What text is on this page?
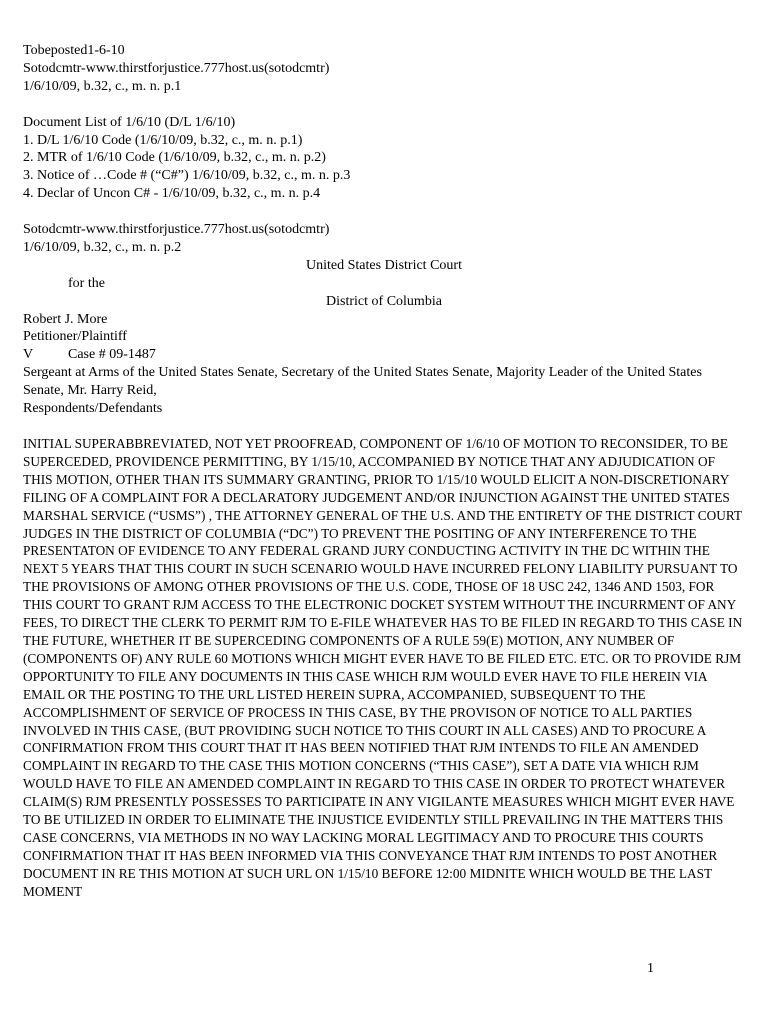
Tobeposted1-6-10
Sotodcmtr-www.thirstforjustice.777host.us(sotodcmtr)
1/6/10/09, b.32, c., m. n. p.1
Document List of 1/6/10 (D/L 1/6/10)
1. D/L 1/6/10 Code (1/6/10/09, b.32, c., m. n. p.1)
2. MTR of 1/6/10 Code (1/6/10/09, b.32, c., m. n. p.2)
3. Notice of …Code # (“C#”) 1/6/10/09, b.32, c., m. n. p.3
4. Declar of Uncon C# - 1/6/10/09, b.32, c., m. n. p.4
Sotodcmtr-www.thirstforjustice.777host.us(sotodcmtr)
1/6/10/09, b.32, c., m. n. p.2
United States District Court
for the
District of Columbia
Robert J. More
Petitioner/Plaintiff
V Case # 09-1487
Sergeant at Arms of the United States Senate, Secretary of the United States Senate, Majority Leader of the United States Senate, Mr. Harry Reid,
Respondents/Defendants
INITIAL SUPERABBREVIATED, NOT YET PROOFREAD, COMPONENT OF 1/6/10 OF MOTION TO RECONSIDER, TO BE SUPERCEDED, PROVIDENCE PERMITTING, BY 1/15/10, ACCOMPANIED BY NOTICE THAT ANY ADJUDICATION OF THIS MOTION, OTHER THAN ITS SUMMARY GRANTING, PRIOR TO 1/15/10 WOULD ELICIT A NON-DISCRETIONARY FILING OF A COMPLAINT FOR A DECLARATORY JUDGEMENT AND/OR INJUNCTION AGAINST THE UNITED STATES MARSHAL SERVICE (“USMS”) , THE ATTORNEY GENERAL OF THE U.S. AND THE ENTIRETY OF THE DISTRICT COURT JUDGES IN THE DISTRICT OF COLUMBIA (“DC”) TO PREVENT THE POSITING OF ANY INTERFERENCE TO THE PRESENTATON OF EVIDENCE TO ANY FEDERAL GRAND JURY CONDUCTING ACTIVITY IN THE DC WITHIN THE NEXT 5 YEARS THAT THIS COURT IN SUCH SCENARIO WOULD HAVE INCURRED FELONY LIABILITY PURSUANT TO THE PROVISIONS OF AMONG OTHER PROVISIONS OF THE U.S. CODE, THOSE OF 18 USC 242, 1346 AND 1503, FOR THIS COURT TO GRANT RJM ACCESS TO THE ELECTRONIC DOCKET SYSTEM WITHOUT THE INCURRMENT OF ANY FEES, TO DIRECT THE CLERK TO PERMIT RJM TO E-FILE WHATEVER HAS TO BE FILED IN REGARD TO THIS CASE IN THE FUTURE, WHETHER IT BE SUPERCEDING COMPONENTS OF A RULE 59(E) MOTION, ANY NUMBER OF (COMPONENTS OF) ANY RULE 60 MOTIONS WHICH MIGHT EVER HAVE TO BE FILED ETC. ETC. OR TO PROVIDE RJM OPPORTUNITY TO FILE ANY DOCUMENTS IN THIS CASE WHICH RJM WOULD EVER HAVE TO FILE HEREIN VIA EMAIL OR THE POSTING TO THE URL LISTED HEREIN SUPRA, ACCOMPANIED, SUBSEQUENT TO THE ACCOMPLISHMENT OF SERVICE OF PROCESS IN THIS CASE, BY THE PROVISON OF NOTICE TO ALL PARTIES INVOLVED IN THIS CASE, (BUT PROVIDING SUCH NOTICE TO THIS COURT IN ALL CASES) AND TO PROCURE A CONFIRMATION FROM THIS COURT THAT IT HAS BEEN NOTIFIED THAT RJM INTENDS TO FILE AN AMENDED COMPLAINT IN REGARD TO THE CASE THIS MOTION CONCERNS (“THIS CASE”), SET A DATE VIA WHICH RJM WOULD HAVE TO FILE AN AMENDED COMPLAINT IN REGARD TO THIS CASE IN ORDER TO PROTECT WHATEVER CLAIM(S) RJM PRESENTLY POSSESSES TO PARTICIPATE IN ANY VIGILANTE MEASURES WHICH MIGHT EVER HAVE TO BE UTILIZED IN ORDER TO ELIMINATE THE INJUSTICE EVIDENTLY STILL PREVAILING IN THE MATTERS THIS CASE CONCERNS, VIA METHODS IN NO WAY LACKING MORAL LEGITIMACY AND TO PROCURE THIS COURTS CONFIRMATION THAT IT HAS BEEN INFORMED VIA THIS CONVEYANCE THAT RJM INTENDS TO POST ANOTHER DOCUMENT IN RE THIS MOTION AT SUCH URL ON 1/15/10 BEFORE 12:00 MIDNITE WHICH WOULD BE THE LAST MOMENT
1
